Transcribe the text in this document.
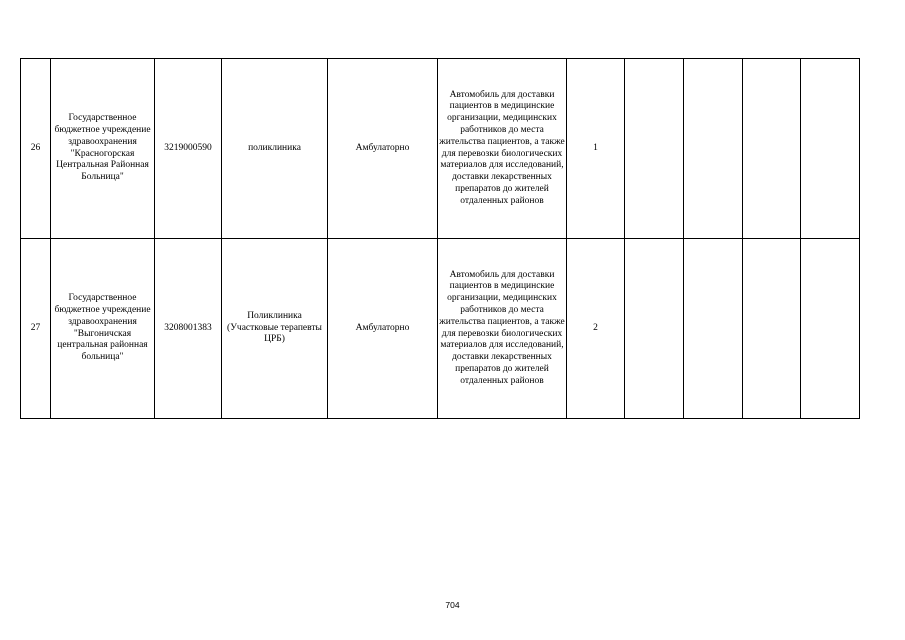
26	Государственное бюджетное учреждение здравоохранения "Красногорская Центральная Районная Больница"	3219000590	поликлиника	Амбулаторно	Автомобиль для доставки пациентов в медицинские организации, медицинских работников до места жительства пациентов, а также для перевозки биологических материалов для исследований, доставки лекарственных препаратов до жителей отдаленных районов	1				
27	Государственное бюджетное учреждение здравоохранения "Выгоничская центральная районная больница"	3208001383	Поликлиника (Участковые терапевты ЦРБ)	Амбулаторно	Автомобиль для доставки пациентов в медицинские организации, медицинских работников до места жительства пациентов, а также для перевозки биологических материалов для исследований, доставки лекарственных препаратов до жителей отдаленных районов	2				
704
